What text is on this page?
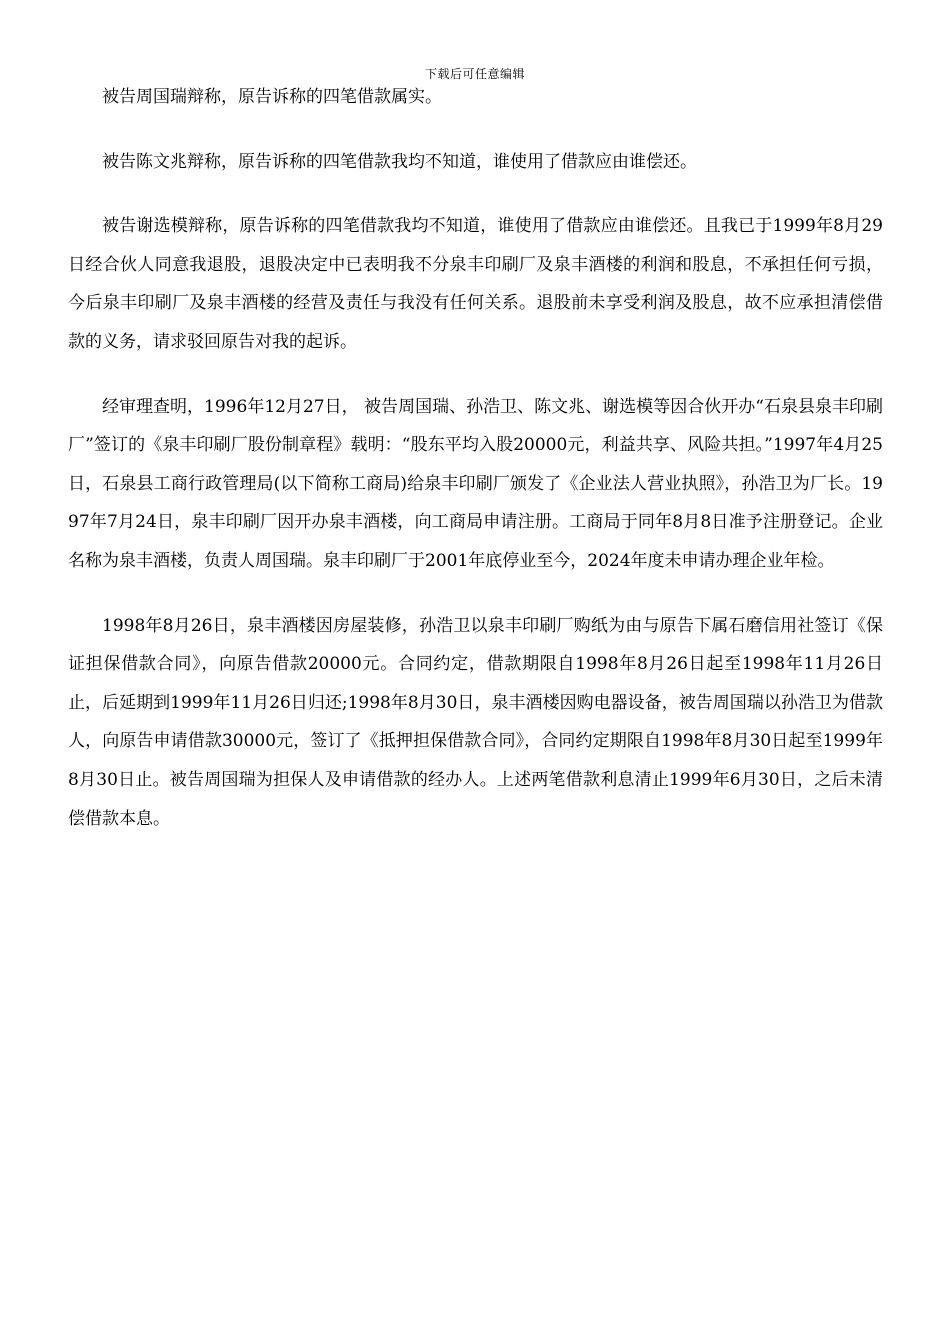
下载后可任意编辑

被告周国瑞辩称，原告诉称的四笔借款属实。

被告陈文兆辩称，原告诉称的四笔借款我均不知道，谁使用了借款应由谁偿还。

被告谢选模辩称，原告诉称的四笔借款我均不知道，谁使用了借款应由谁偿还。且我已于1999年8月29日经合伙人同意我退股，退股决定中已表明我不分泉丰印刷厂及泉丰酒楼的利润和股息，不承担任何亏损，今后泉丰印刷厂及泉丰酒楼的经营及责任与我没有任何关系。退股前未享受利润及股息，故不应承担清偿借款的义务，请求驳回原告对我的起诉。

经审理查明，1996年12月27日， 被告周国瑞、孙浩卫、陈文兆、谢选模等因合伙开办“石泉县泉丰印刷厂”签订的《泉丰印刷厂股份制章程》载明：“股东平均入股20000元，利益共享、风险共担。”1997年4月25日，石泉县工商行政管理局(以下简称工商局)给泉丰印刷厂颁发了《企业法人营业执照》，孙浩卫为厂长。1997年7月24日，泉丰印刷厂因开办泉丰酒楼，向工商局申请注册。工商局于同年8月8日准予注册登记。企业名称为泉丰酒楼，负责人周国瑞。泉丰印刷厂于2001年底停业至今，2024年度未申请办理企业年检。

1998年8月26日，泉丰酒楼因房屋装修，孙浩卫以泉丰印刷厂购纸为由与原告下属石磨信用社签订《保证担保借款合同》，向原告借款20000元。合同约定，借款期限自1998年8月26日起至1998年11月26日止，后延期到1999年11月26日归还;1998年8月30日，泉丰酒楼因购电器设备，被告周国瑞以孙浩卫为借款人，向原告申请借款30000元，签订了《抵押担保借款合同》，合同约定期限自1998年8月30日起至1999年8月30日止。被告周国瑞为担保人及申请借款的经办人。上述两笔借款利息清止1999年6月30日，之后未清偿借款本息。
